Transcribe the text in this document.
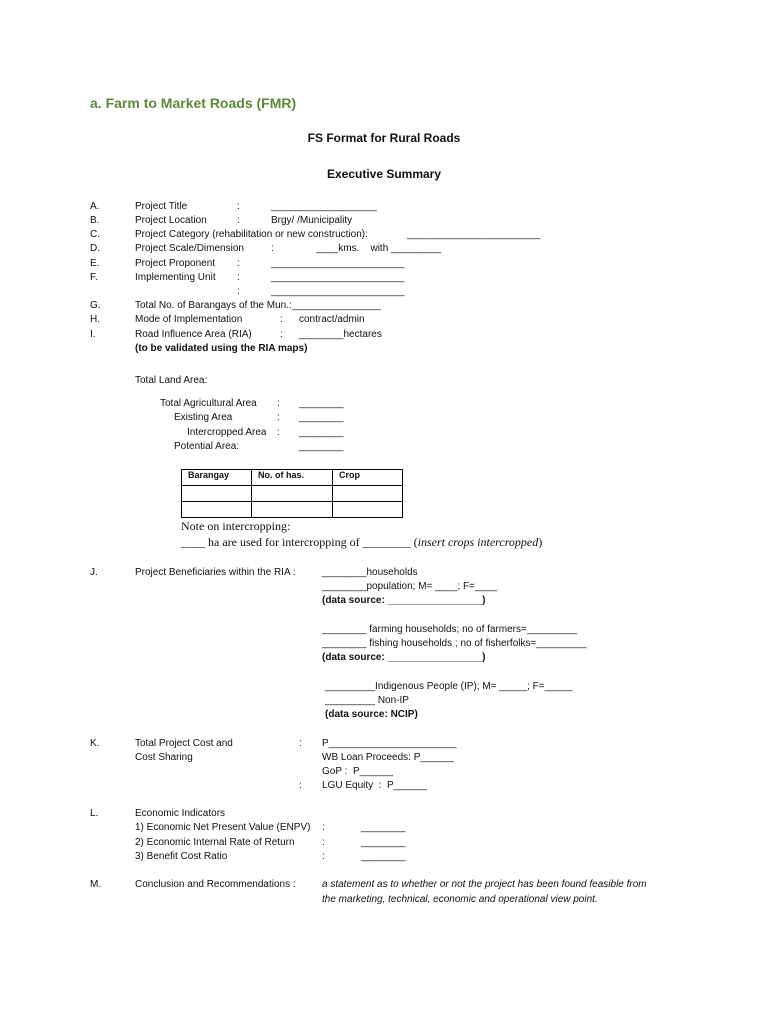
a. Farm to Market Roads (FMR)
FS Format for Rural Roads
Executive Summary
A.	Project Title	:	___________________
B.	Project Location	:	Brgy/ /Municipality
C.	Project Category (rehabilitation or new construction):	________________________
D.	Project Scale/Dimension	:	____kms.    with _________
E.	Project Proponent :	________________________
F.	Implementing Unit :	________________________
:	________________________
G.	Total No. of Barangays of the Mun.:________________
H.	Mode of Implementation	: contract/admin
I.	Road Influence Area (RIA)	: ________hectares
(to be validated using the RIA maps)
Total Land Area:
Total Agricultural Area : ________
Existing Area	: ________
Intercropped Area : ________
Potential Area:	________
Barangay	No. of has.	Crop

Note on intercropping:
____ ha are used for intercropping of ________ (insert crops intercropped)
J.	Project Beneficiaries within the RIA :	________households
________population; M= ____; F=____
(data source: _________________)
________ farming households; no of farmers=_________
________ fishing households ; no of fisherfolks=_________
(data source: _________________)
_________Indigenous People (IP); M= _____; F=_____
_________ Non-IP
(data source: NCIP)
K.	Total Project Cost and
Cost Sharing
: P_______________________
WB Loan Proceeds: P______
GoP :  P______
: LGU Equity  :  P______
L.	Economic Indicators
1) Economic Net Present Value (ENPV) :	________
2) Economic Internal Rate of Return	:	________
3) Benefit Cost Ratio	:	________
M.	Conclusion and Recommendations :	a statement as to whether or not the project has been found feasible from
the marketing, technical, economic and operational view point.
